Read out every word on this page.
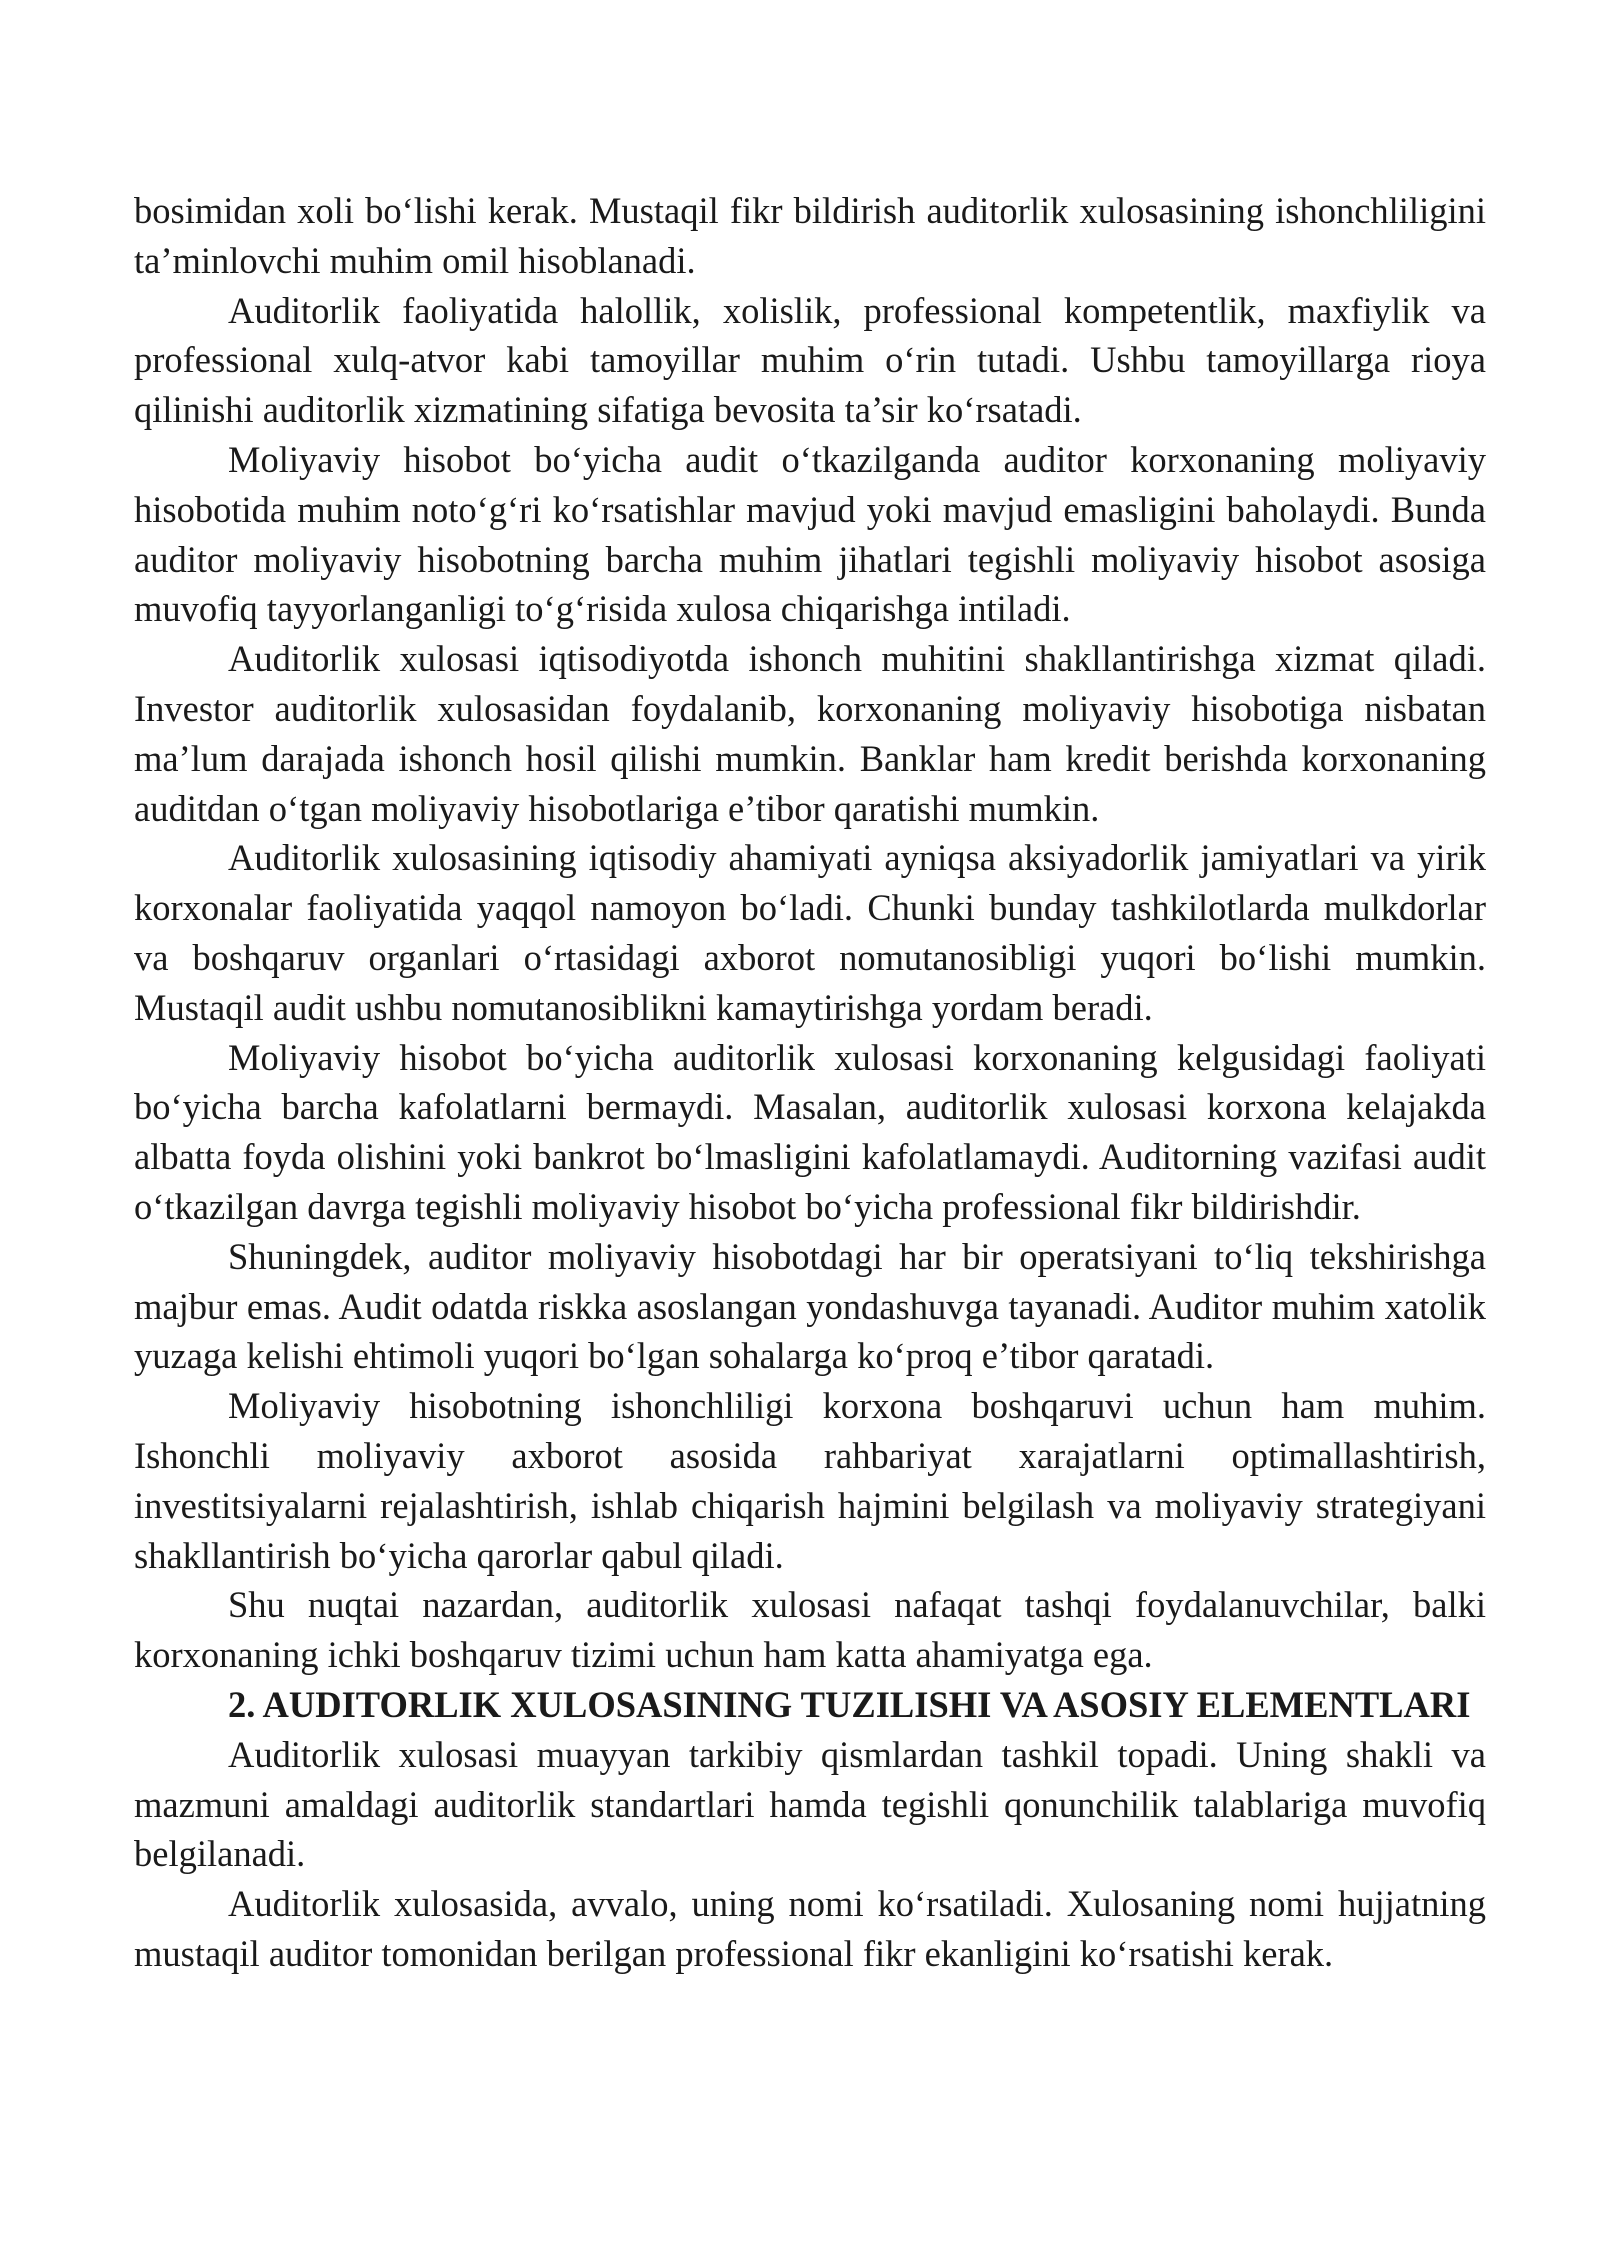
bosimidan xoli bo‘lishi kerak. Mustaqil fikr bildirish auditorlik xulosasining ishonchliligini ta’minlovchi muhim omil hisoblanadi.

Auditorlik faoliyatida halollik, xolislik, professional kompetentlik, maxfiylik va professional xulq-atvor kabi tamoyillar muhim o‘rin tutadi. Ushbu tamoyillarga rioya qilinishi auditorlik xizmatining sifatiga bevosita ta’sir ko‘rsatadi.

Moliyaviy hisobot bo‘yicha audit o‘tkazilganda auditor korxonaning moliyaviy hisobotida muhim noto‘g‘ri ko‘rsatishlar mavjud yoki mavjud emasligini baholaydi. Bunda auditor moliyaviy hisobotning barcha muhim jihatlari tegishli moliyaviy hisobot asosiga muvofiq tayyorlanganligi to‘g‘risida xulosa chiqarishga intiladi.

Auditorlik xulosasi iqtisodiyotda ishonch muhitini shakllantirishga xizmat qiladi. Investor auditorlik xulosasidan foydalanib, korxonaning moliyaviy hisobotiga nisbatan ma’lum darajada ishonch hosil qilishi mumkin. Banklar ham kredit berishda korxonaning auditdan o‘tgan moliyaviy hisobotlariga e’tibor qaratishi mumkin.

Auditorlik xulosasining iqtisodiy ahamiyati ayniqsa aksiyadorlik jamiyatlari va yirik korxonalar faoliyatida yaqqol namoyon bo‘ladi. Chunki bunday tashkilotlarda mulkdorlar va boshqaruv organlari o‘rtasidagi axborot nomutanosibligi yuqori bo‘lishi mumkin. Mustaqil audit ushbu nomutanosiblikni kamaytirishga yordam beradi.

Moliyaviy hisobot bo‘yicha auditorlik xulosasi korxonaning kelgusidagi faoliyati bo‘yicha barcha kafolatlarni bermaydi. Masalan, auditorlik xulosasi korxona kelajakda albatta foyda olishini yoki bankrot bo‘lmasligini kafolatlamaydi. Auditorning vazifasi audit o‘tkazilgan davrga tegishli moliyaviy hisobot bo‘yicha professional fikr bildirishdir.

Shuningdek, auditor moliyaviy hisobotdagi har bir operatsiyani to‘liq tekshirishga majbur emas. Audit odatda riskka asoslangan yondashuvga tayanadi. Auditor muhim xatolik yuzaga kelishi ehtimoli yuqori bo‘lgan sohalarga ko‘proq e’tibor qaratadi.

Moliyaviy hisobotning ishonchliligi korxona boshqaruvi uchun ham muhim. Ishonchli moliyaviy axborot asosida rahbariyat xarajatlarni optimallashtirish, investitsiyalarni rejalashtirish, ishlab chiqarish hajmini belgilash va moliyaviy strategiyani shakllantirish bo‘yicha qarorlar qabul qiladi.

Shu nuqtai nazardan, auditorlik xulosasi nafaqat tashqi foydalanuvchilar, balki korxonaning ichki boshqaruv tizimi uchun ham katta ahamiyatga ega.

2. AUDITORLIK XULOSASINING TUZILISHI VA ASOSIY ELEMENTLARI

Auditorlik xulosasi muayyan tarkibiy qismlardan tashkil topadi. Uning shakli va mazmuni amaldagi auditorlik standartlari hamda tegishli qonunchilik talablariga muvofiq belgilanadi.

Auditorlik xulosasida, avvalo, uning nomi ko‘rsatiladi. Xulosaning nomi hujjatning mustaqil auditor tomonidan berilgan professional fikr ekanligini ko‘rsatishi kerak.
